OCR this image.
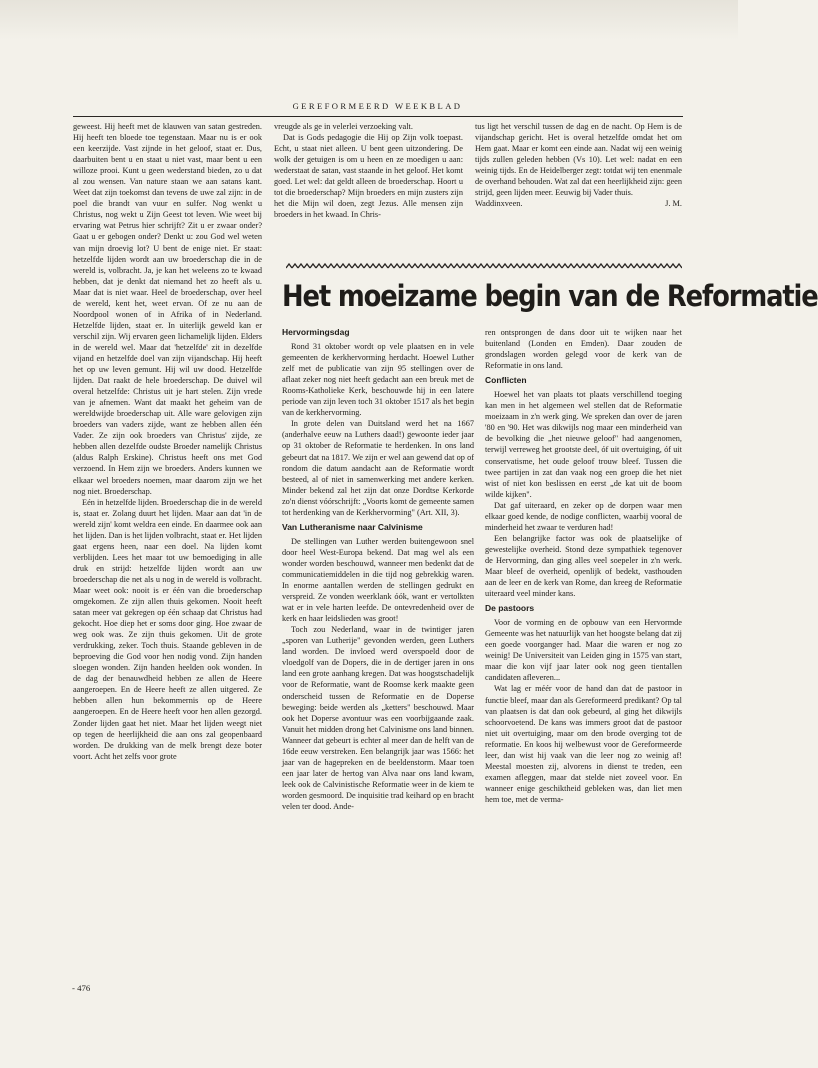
GEREFORMEERD WEEKBLAD

geweest. Hij heeft met de klauwen van satan gestreden. Hij heeft ten bloede toe tegenstaan. Maar nu is er ook een keerzijde. Vast zijnde in het geloof, staat er. Dus, daarbuiten bent u en staat u niet vast, maar bent u een willoze prooi. Kunt u geen wederstand bieden, zo u dat al zou wensen. Van nature staan we aan satans kant. Weet dat zijn toekomst dan tevens de uwe zal zijn: in de poel die brandt van vuur en sulfer. Nog wenkt u Christus, nog wekt u Zijn Geest tot leven. Wie weet bij ervaring wat Petrus hier schrijft? Zit u er zwaar onder? Gaat u er gebogen onder? Denkt u: zou God wel weten van mijn droevig lot? U bent de enige niet. Er staat: hetzelfde lijden wordt aan uw broederschap die in de wereld is, volbracht. Ja, je kan het weleens zo te kwaad hebben, dat je denkt dat niemand het zo heeft als u. Maar dat is niet waar. Heel de broederschap, over heel de wereld, kent het, weet ervan. Of ze nu aan de Noordpool wonen of in Afrika of in Nederland. Hetzelfde lijden, staat er. In uiterlijk geweld kan er verschil zijn. Wij ervaren geen lichamelijk lijden. Elders in de wereld wel. Maar dat 'hetzelfde' zit in dezelfde vijand en hetzelfde doel van zijn vijandschap. Hij heeft het op uw leven gemunt. Hij wil uw dood. Hetzelfde lijden. Dat raakt de hele broederschap. De duivel wil overal hetzelfde: Christus uit je hart stelen. Zijn vrede van je afnemen. Want dat maakt het geheim van de wereldwijde broederschap uit. Alle ware gelovigen zijn broeders van vaders zijde, want ze hebben allen één Vader. Ze zijn ook broeders van Christus' zijde, ze hebben allen dezelfde oudste Broeder namelijk Christus (aldus Ralph Erskine). Christus heeft ons met God verzoend. In Hem zijn we broeders. Anders kunnen we elkaar wel broeders noemen, maar daarom zijn we het nog niet. Broederschap.

Eén in hetzelfde lijden. Broederschap die in de wereld is, staat er. Zolang duurt het lijden. Maar aan dat 'in de wereld zijn' komt weldra een einde. En daarmee ook aan het lijden. Dan is het lijden volbracht, staat er. Het lijden gaat ergens heen, naar een doel. Na lijden komt verblijden. Lees het maar tot uw bemoediging in alle druk en strijd: hetzelfde lijden wordt aan uw broederschap die net als u nog in de wereld is volbracht. Maar weet ook: nooit is er één van die broederschap omgekomen. Ze zijn allen thuis gekomen. Nooit heeft satan meer vat gekregen op één schaap dat Christus had gekocht. Hoe diep het er soms door ging. Hoe zwaar de weg ook was. Ze zijn thuis gekomen. Uit de grote verdrukking, zeker. Toch thuis. Staande gebleven in de beproeving die God voor hen nodig vond. Zijn handen sloegen wonden. Zijn handen heelden ook wonden. In de dag der benauwdheid hebben ze allen de Heere aangeroepen. En de Heere heeft ze allen uitgered. Ze hebben allen hun bekommernis op de Heere aangeroepen. En de Heere heeft voor hen allen gezorgd. Zonder lijden gaat het niet. Maar het lijden weegt niet op tegen de heerlijkheid die aan ons zal geopenbaard worden. De drukking van de melk brengt deze boter voort. Acht het zelfs voor grote

vreugde als ge in velerlei verzoeking valt.

Dat is Gods pedagogie die Hij op Zijn volk toepast. Echt, u staat niet alleen. U bent geen uitzondering. De wolk der getuigen is om u heen en ze moedigen u aan: wederstaat de satan, vast staande in het geloof. Het komt goed. Let wel: dat geldt alleen de broederschap. Hoort u tot die broederschap? Mijn broeders en mijn zusters zijn het die Mijn wil doen, zegt Jezus. Alle mensen zijn broeders in het kwaad. In Chris-

tus ligt het verschil tussen de dag en de nacht. Op Hem is de vijandschap gericht. Het is overal hetzelfde omdat het om Hem gaat. Maar er komt een einde aan. Nadat wij een weinig tijds zullen geleden hebben (Vs 10). Let wel: nadat en een weinig tijds. En de Heidelberger zegt: totdat wij ten enenmale de overhand behouden. Wat zal dat een heerlijkheid zijn: geen strijd, geen lijden meer. Eeuwig bij Vader thuis.

Waddinxveen.	J. M.
Het moeizame begin van de Reformatie
Hervormingsdag

Rond 31 oktober wordt op vele plaatsen en in vele gemeenten de kerkhervorming herdacht. Hoewel Luther zelf met de publicatie van zijn 95 stellingen over de aflaat zeker nog niet heeft gedacht aan een breuk met de Rooms-Katholieke Kerk, beschouwde hij in een latere periode van zijn leven toch 31 oktober 1517 als het begin van de kerkhervorming.

In grote delen van Duitsland werd het na 1667 (anderhalve eeuw na Luthers daad!) gewoonte ieder jaar op 31 oktober de Reformatie te herdenken. In ons land gebeurt dat na 1817. We zijn er wel aan gewend dat op of rondom die datum aandacht aan de Reformatie wordt besteed, al of niet in samenwerking met andere kerken. Minder bekend zal het zijn dat onze Dordtse Kerkorde zo'n dienst vóórschrijft: „Voorts komt de gemeente samen tot herdenking van de Kerkhervorming" (Art. XII, 3).

Van Lutheranisme naar Calvinisme

De stellingen van Luther werden buitengewoon snel door heel West-Europa bekend. Dat mag wel als een wonder worden beschouwd, wanneer men bedenkt dat de communicatiemiddelen in die tijd nog gebrekkig waren. In enorme aantallen werden de stellingen gedrukt en verspreid. Ze vonden weerklank óók, want er vertolkten wat er in vele harten leefde. De ontevredenheid over de kerk en haar leidslieden was groot!

Toch zou Nederland, waar in de twintiger jaren „sporen van Lutherije" gevonden werden, geen Luthers land worden. De invloed werd overspoeld door de vloedgolf van de Dopers, die in de dertiger jaren in ons land een grote aanhang kregen. Dat was hoogstschadelijk voor de Reformatie, want de Roomse kerk maakte geen onderscheid tussen de Reformatie en de Doperse beweging: beide werden als „ketters" beschouwd. Maar ook het Doperse avontuur was een voorbijgaande zaak. Vanuit het midden drong het Calvinisme ons land binnen. Wanneer dat gebeurt is echter al meer dan de helft van de 16de eeuw verstreken. Een belangrijk jaar was 1566: het jaar van de hagepreken en de beeldenstorm. Maar toen een jaar later de hertog van Alva naar ons land kwam, leek ook de Calvinistische Reformatie weer in de kiem te worden gesmoord. De inquisitie trad keihard op en bracht velen ter dood. Ande-

ren ontsprongen de dans door uit te wijken naar het buitenland (Londen en Emden). Daar zouden de grondslagen worden gelegd voor de kerk van de Reformatie in ons land.

Conflicten

Hoewel het van plaats tot plaats verschillend toeging kan men in het algemeen wel stellen dat de Reformatie moeizaam in z'n werk ging. We spreken dan over de jaren '80 en '90. Het was dikwijls nog maar een minderheid van de bevolking die „het nieuwe geloof" had aangenomen, terwijl verreweg het grootste deel, óf uit overtuiging, óf uit conservatisme, het oude geloof trouw bleef. Tussen die twee partijen in zat dan vaak nog een groep die het niet wist of niet kon beslissen en eerst „de kat uit de boom wilde kijken".

Dat gaf uiteraard, en zeker op de dorpen waar men elkaar goed kende, de nodige conflicten, waarbij vooral de minderheid het zwaar te verduren had!

Een belangrijke factor was ook de plaatselijke of gewestelijke overheid. Stond deze sympathiek tegenover de Hervorming, dan ging alles veel soepeler in z'n werk. Maar bleef de overheid, openlijk of bedekt, vasthouden aan de leer en de kerk van Rome, dan kreeg de Reformatie uiteraard veel minder kans.

De pastoors

Voor de vorming en de opbouw van een Hervormde Gemeente was het natuurlijk van het hoogste belang dat zij een goede voorganger had. Maar die waren er nog zo weinig! De Universiteit van Leiden ging in 1575 van start, maar die kon vijf jaar later ook nog geen tientallen candidaten afleveren...

Wat lag er méér voor de hand dan dat de pastoor in functie bleef, maar dan als Gereformeerd predikant? Op tal van plaatsen is dat dan ook gebeurd, al ging het dikwijls schoorvoetend. De kans was immers groot dat de pastoor niet uit overtuiging, maar om den brode overging tot de reformatie. En koos hij welbewust voor de Gereformeerde leer, dan wist hij vaak van die leer nog zo weinig af! Meestal moesten zij, alvorens in dienst te treden, een examen afleggen, maar dat stelde niet zoveel voor. En wanneer enige geschiktheid gebleken was, dan liet men hem toe, met de verma-

- 476
